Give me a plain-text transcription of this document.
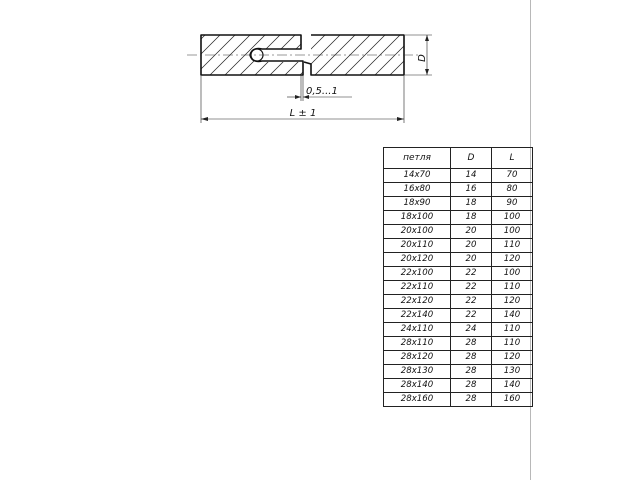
D
0,5...1
L ± 1
петля	D	L
14x70	14	70
16x80	16	80
18x90	18	90
18x100	18	100
20x100	20	100
20x110	20	110
20x120	20	120
22x100	22	100
22x110	22	110
22x120	22	120
22x140	22	140
24x110	24	110
28x110	28	110
28x120	28	120
28x130	28	130
28x140	28	140
28x160	28	160
